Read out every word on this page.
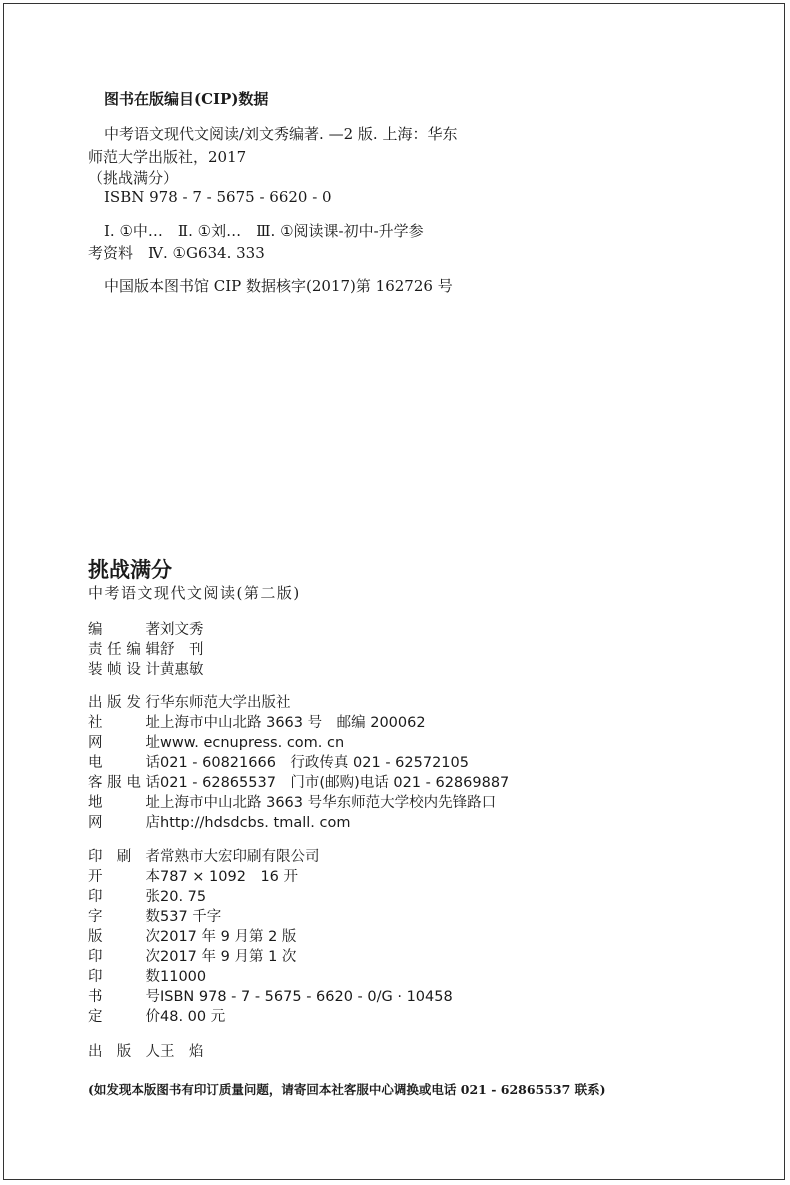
图书在版编目(CIP)数据
中考语文现代文阅读/刘文秀编著. —2 版. 上海：华东
师范大学出版社，2017
（挑战满分）
ISBN 978 - 7 - 5675 - 6620 - 0
Ⅰ. ①中…　Ⅱ. ①刘…　Ⅲ. ①阅读课-初中-升学参
考资料　Ⅳ. ①G634. 333
中国版本图书馆 CIP 数据核字(2017)第 162726 号
挑战满分
中考语文现代文阅读(第二版)
编　　著刘文秀
责任编辑舒　刊
装帧设计黄惠敏
出版发行华东师范大学出版社
社　　址上海市中山北路 3663 号　邮编 200062
网　　址www. ecnupress. com. cn
电　　话021 - 60821666　行政传真 021 - 62572105
客服电话021 - 62865537　门市(邮购)电话 021 - 62869887
地　　址上海市中山北路 3663 号华东师范大学校内先锋路口
网　　店http://hdsdcbs. tmall. com
印 刷 者常熟市大宏印刷有限公司
开　　本787 × 1092　16 开
印　　张20. 75
字　　数537 千字
版　　次2017 年 9 月第 2 版
印　　次2017 年 9 月第 1 次
印　　数11000
书　　号ISBN 978 - 7 - 5675 - 6620 - 0/G · 10458
定　　价48. 00 元
出 版 人王　焰
(如发现本版图书有印订质量问题，请寄回本社客服中心调换或电话 021 - 62865537 联系)
